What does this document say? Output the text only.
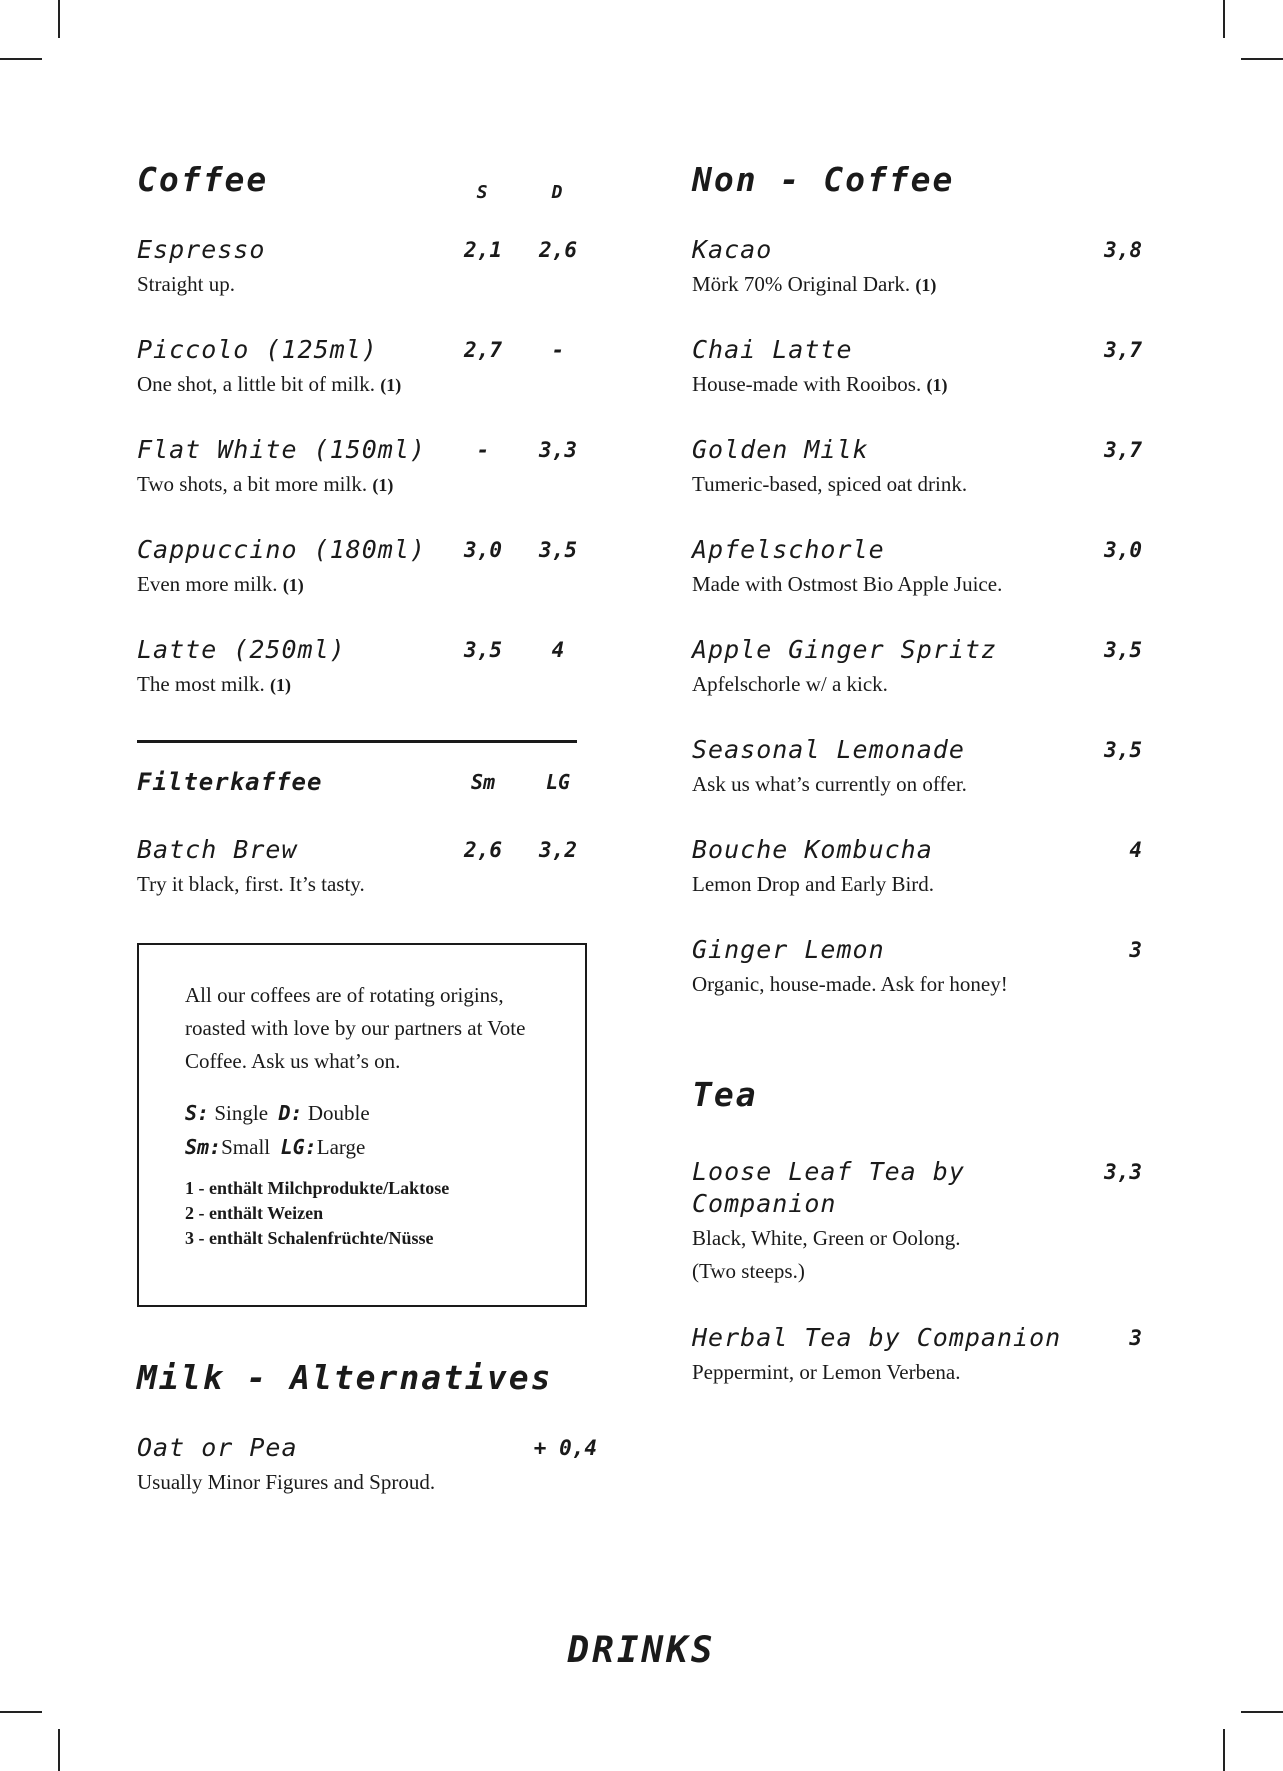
Coffee	S	D
Espresso
Straight up.
2,1	2,6
Piccolo (125ml)
One shot, a little bit of milk. (1)
2,7	-
Flat White (150ml)
Two shots, a bit more milk. (1)
-	3,3
Cappuccino (180ml)
Even more milk. (1)
3,0	3,5
Latte (250ml)
The most milk. (1)
3,5	4
Filterkaffee	Sm	LG
Batch Brew
Try it black, first. It’s tasty.
2,6	3,2

All our coffees are of rotating origins, roasted with love by our partners at Vote Coffee. Ask us what’s on.

S: Single D: Double
Sm:Small LG:Large
1 - enthält Milchprodukte/Laktose
2 - enthält Weizen
3 - enthält Schalenfrüchte/Nüsse
Milk - Alternatives
Oat or Pea
Usually Minor Figures and Sproud.
+ 0,4
Non - Coffee
Kacao
Mörk 70% Original Dark. (1)
3,8
Chai Latte
House-made with Rooibos. (1)
3,7
Golden Milk
Tumeric-based, spiced oat drink.
3,7
Apfelschorle
Made with Ostmost Bio Apple Juice.
3,0
Apple Ginger Spritz
Apfelschorle w/ a kick.
3,5
Seasonal Lemonade
Ask us what’s currently on offer.
3,5
Bouche Kombucha
Lemon Drop and Early Bird.
4
Ginger Lemon
Organic, house-made. Ask for honey!
3
Tea
Loose Leaf Tea by
Companion
Black, White, Green or Oolong.
(Two steeps.)
3,3
Herbal Tea by Companion
Peppermint, or Lemon Verbena.
3
DRINKS
